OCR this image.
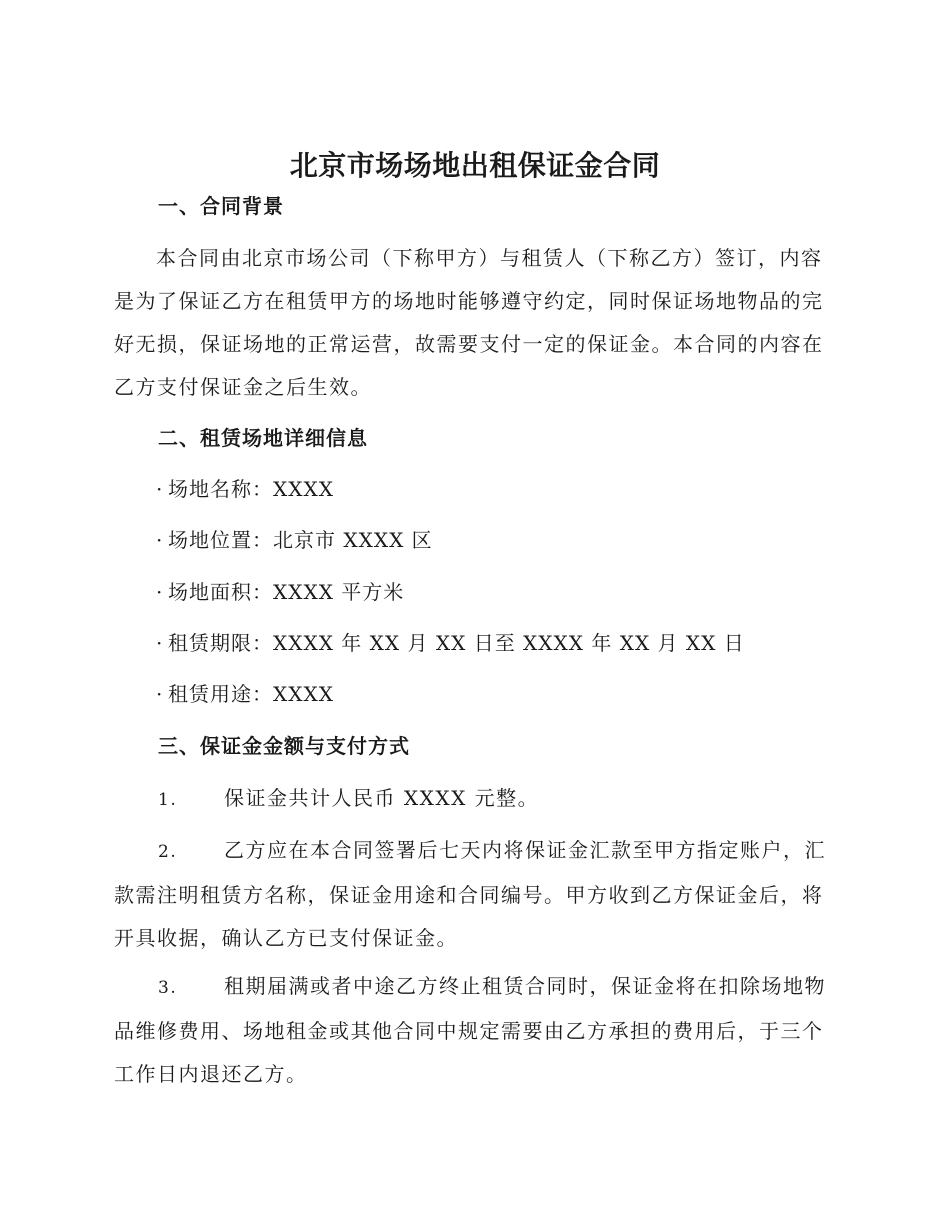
北京市场场地出租保证金合同
一、合同背景
本合同由北京市场公司（下称甲方）与租赁人（下称乙方）签订，内容
是为了保证乙方在租赁甲方的场地时能够遵守约定，同时保证场地物品的完
好无损，保证场地的正常运营，故需要支付一定的保证金。本合同的内容在
乙方支付保证金之后生效。
二、租赁场地详细信息
· 场地名称：XXXX
· 场地位置：北京市 XXXX 区
· 场地面积：XXXX 平方米
· 租赁期限：XXXX 年 XX 月 XX 日至 XXXX 年 XX 月 XX 日
· 租赁用途：XXXX
三、保证金金额与支付方式
1. 保证金共计人民币 XXXX 元整。
2. 乙方应在本合同签署后七天内将保证金汇款至甲方指定账户，汇
款需注明租赁方名称，保证金用途和合同编号。甲方收到乙方保证金后，将
开具收据，确认乙方已支付保证金。
3. 租期届满或者中途乙方终止租赁合同时，保证金将在扣除场地物
品维修费用、场地租金或其他合同中规定需要由乙方承担的费用后，于三个
工作日内退还乙方。
